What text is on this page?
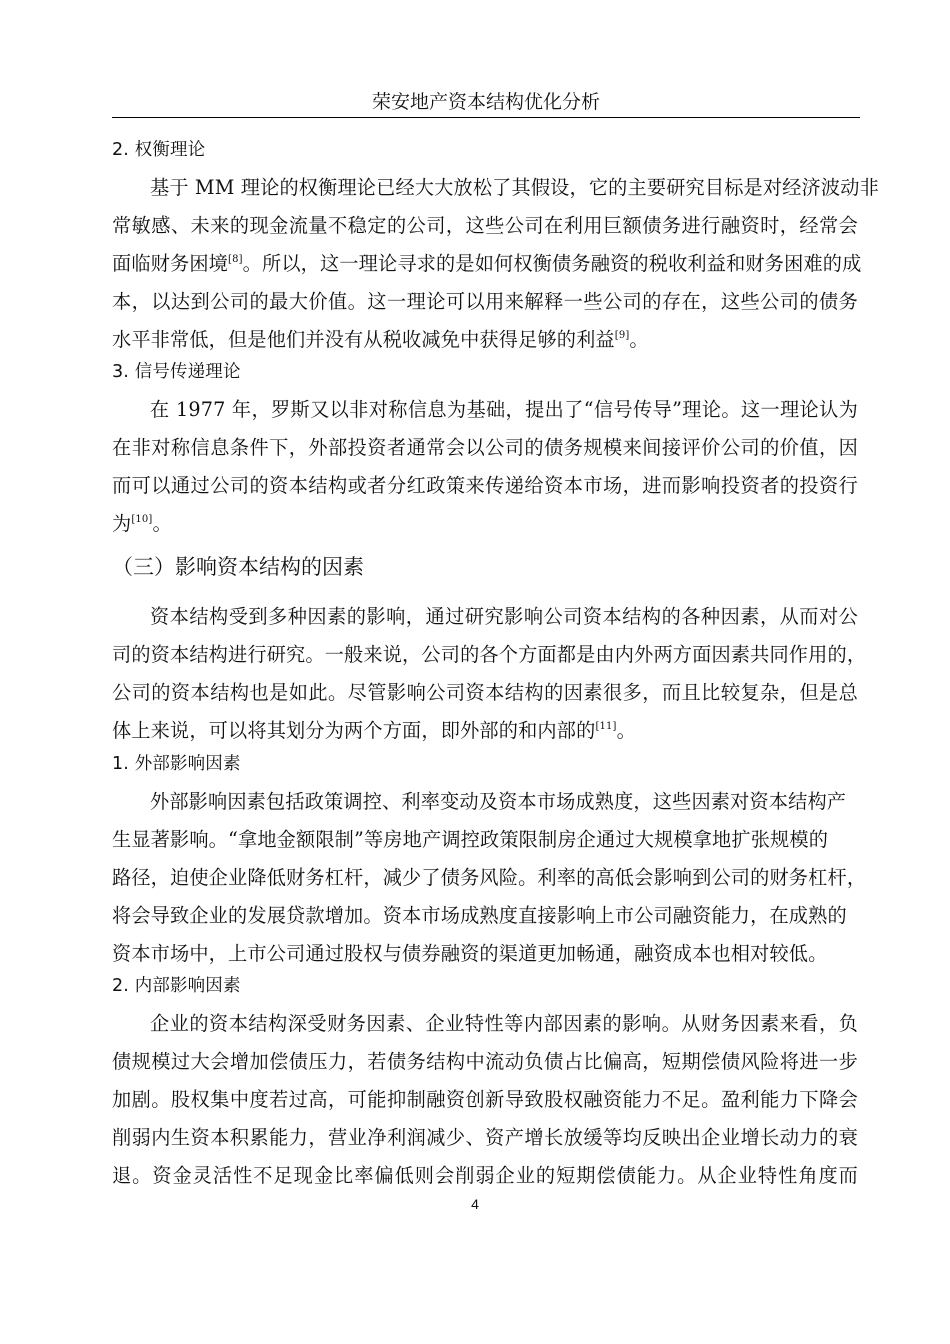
荣安地产资本结构优化分析
2. 权衡理论
基于 MM 理论的权衡理论已经大大放松了其假设，它的主要研究目标是对经济波动非
常敏感、未来的现金流量不稳定的公司，这些公司在利用巨额债务进行融资时，经常会
面临财务困境[8]。所以，这一理论寻求的是如何权衡债务融资的税收利益和财务困难的成
本，以达到公司的最大价值。这一理论可以用来解释一些公司的存在，这些公司的债务
水平非常低，但是他们并没有从税收减免中获得足够的利益[9]。
3. 信号传递理论
在 1977 年，罗斯又以非对称信息为基础，提出了“信号传导”理论。这一理论认为
在非对称信息条件下，外部投资者通常会以公司的债务规模来间接评价公司的价值，因
而可以通过公司的资本结构或者分红政策来传递给资本市场，进而影响投资者的投资行
为[10]。
（三）影响资本结构的因素
资本结构受到多种因素的影响，通过研究影响公司资本结构的各种因素，从而对公
司的资本结构进行研究。一般来说，公司的各个方面都是由内外两方面因素共同作用的，
公司的资本结构也是如此。尽管影响公司资本结构的因素很多，而且比较复杂，但是总
体上来说，可以将其划分为两个方面，即外部的和内部的[11]。
1. 外部影响因素
外部影响因素包括政策调控、利率变动及资本市场成熟度，这些因素对资本结构产
生显著影响。“拿地金额限制”等房地产调控政策限制房企通过大规模拿地扩张规模的
路径，迫使企业降低财务杠杆，减少了债务风险。利率的高低会影响到公司的财务杠杆，
将会导致企业的发展贷款增加。资本市场成熟度直接影响上市公司融资能力，在成熟的
资本市场中，上市公司通过股权与债券融资的渠道更加畅通，融资成本也相对较低。
2. 内部影响因素
企业的资本结构深受财务因素、企业特性等内部因素的影响。从财务因素来看，负
债规模过大会增加偿债压力，若债务结构中流动负债占比偏高，短期偿债风险将进一步
加剧。股权集中度若过高，可能抑制融资创新导致股权融资能力不足。盈利能力下降会
削弱内生资本积累能力，营业净利润减少、资产增长放缓等均反映出企业增长动力的衰
退。资金灵活性不足现金比率偏低则会削弱企业的短期偿债能力。从企业特性角度而
4
